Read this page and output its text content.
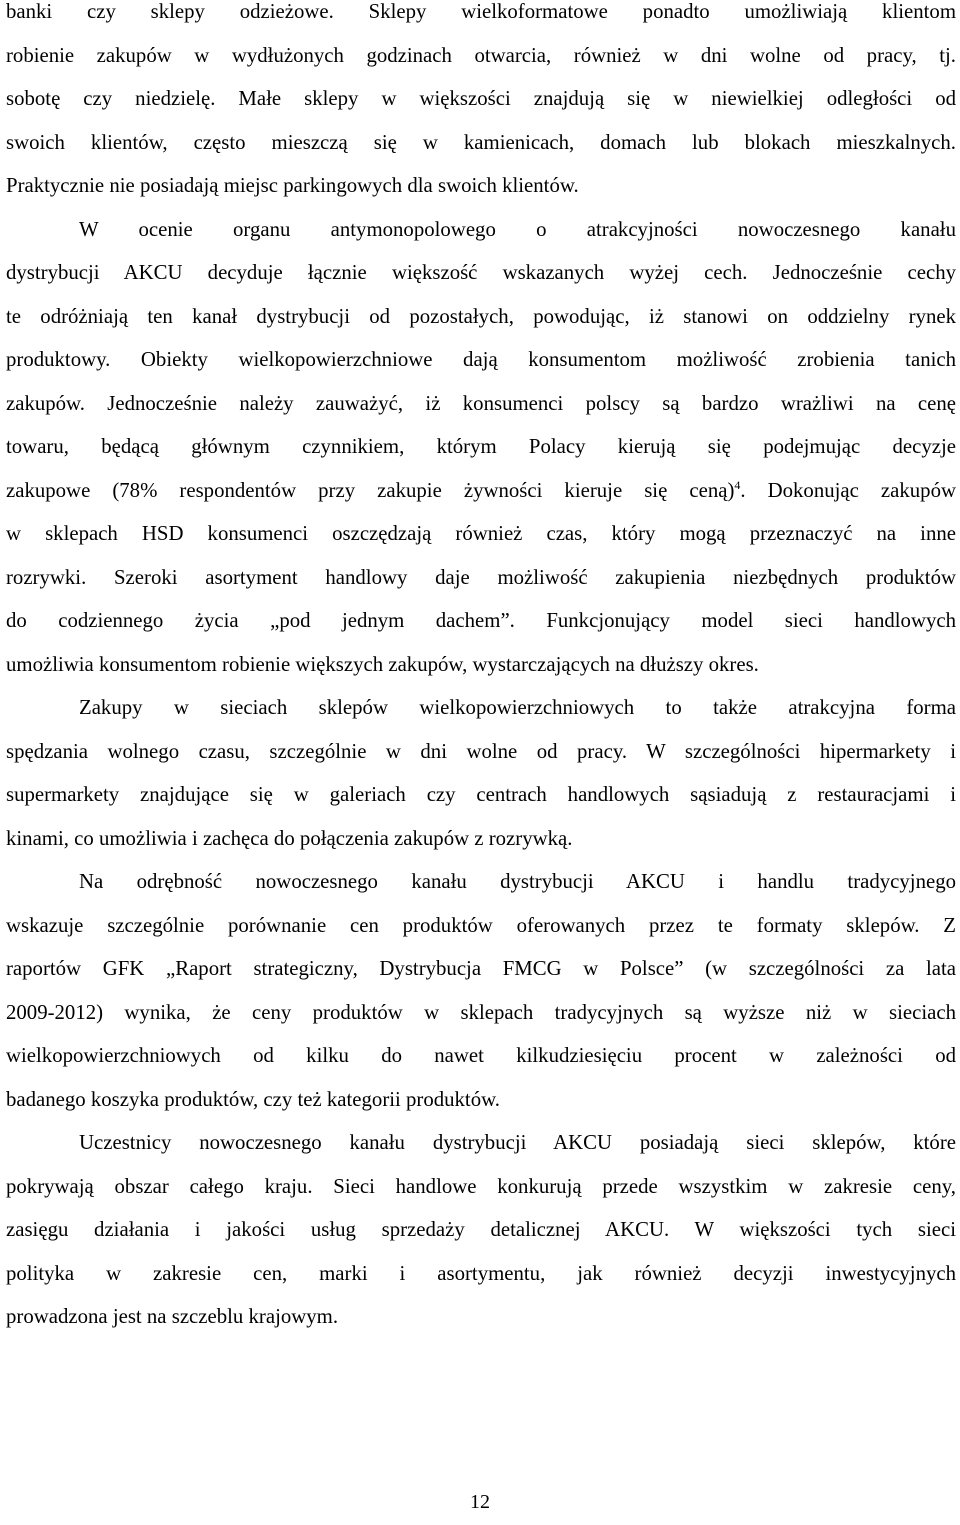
banki czy sklepy odzieżowe. Sklepy wielkoformatowe ponadto umożliwiają klientom
robienie zakupów w wydłużonych godzinach otwarcia, również w dni wolne od pracy, tj.
sobotę czy niedzielę. Małe sklepy w większości znajdują się w niewielkiej odległości od
swoich klientów, często mieszczą się w kamienicach, domach lub blokach mieszkalnych.
Praktycznie nie posiadają miejsc parkingowych dla swoich klientów.
W ocenie organu antymonopolowego o atrakcyjności nowoczesnego kanału
dystrybucji AKCU decyduje łącznie większość wskazanych wyżej cech. Jednocześnie cechy
te odróżniają ten kanał dystrybucji od pozostałych, powodując, iż stanowi on oddzielny rynek
produktowy. Obiekty wielkopowierzchniowe dają konsumentom możliwość zrobienia tanich
zakupów. Jednocześnie należy zauważyć, iż konsumenci polscy są bardzo wrażliwi na cenę
towaru, będącą głównym czynnikiem, którym Polacy kierują się podejmując decyzje
zakupowe (78% respondentów przy zakupie żywności kieruje się ceną)$^4$. Dokonując zakupów
w sklepach HSD konsumenci oszczędzają również czas, który mogą przeznaczyć na inne
rozrywki. Szeroki asortyment handlowy daje możliwość zakupienia niezbędnych produktów
do codziennego życia „pod jednym dachem”. Funkcjonujący model sieci handlowych
umożliwia konsumentom robienie większych zakupów, wystarczających na dłuższy okres.
Zakupy w sieciach sklepów wielkopowierzchniowych to także atrakcyjna forma
spędzania wolnego czasu, szczególnie w dni wolne od pracy. W szczególności hipermarkety i
supermarkety znajdujące się w galeriach czy centrach handlowych sąsiadują z restauracjami i
kinami, co umożliwia i zachęca do połączenia zakupów z rozrywką.
Na odrębność nowoczesnego kanału dystrybucji AKCU i handlu tradycyjnego
wskazuje szczególnie porównanie cen produktów oferowanych przez te formaty sklepów. Z
raportów GFK „Raport strategiczny, Dystrybucja FMCG w Polsce” (w szczególności za lata
2009-2012) wynika, że ceny produktów w sklepach tradycyjnych są wyższe niż w sieciach
wielkopowierzchniowych od kilku do nawet kilkudziesięciu procent w zależności od
badanego koszyka produktów, czy też kategorii produktów.
Uczestnicy nowoczesnego kanału dystrybucji AKCU posiadają sieci sklepów, które
pokrywają obszar całego kraju. Sieci handlowe konkurują przede wszystkim w zakresie ceny,
zasięgu działania i jakości usług sprzedaży detalicznej AKCU. W większości tych sieci
polityka w zakresie cen, marki i asortymentu, jak również decyzji inwestycyjnych
prowadzona jest na szczeblu krajowym.
12
